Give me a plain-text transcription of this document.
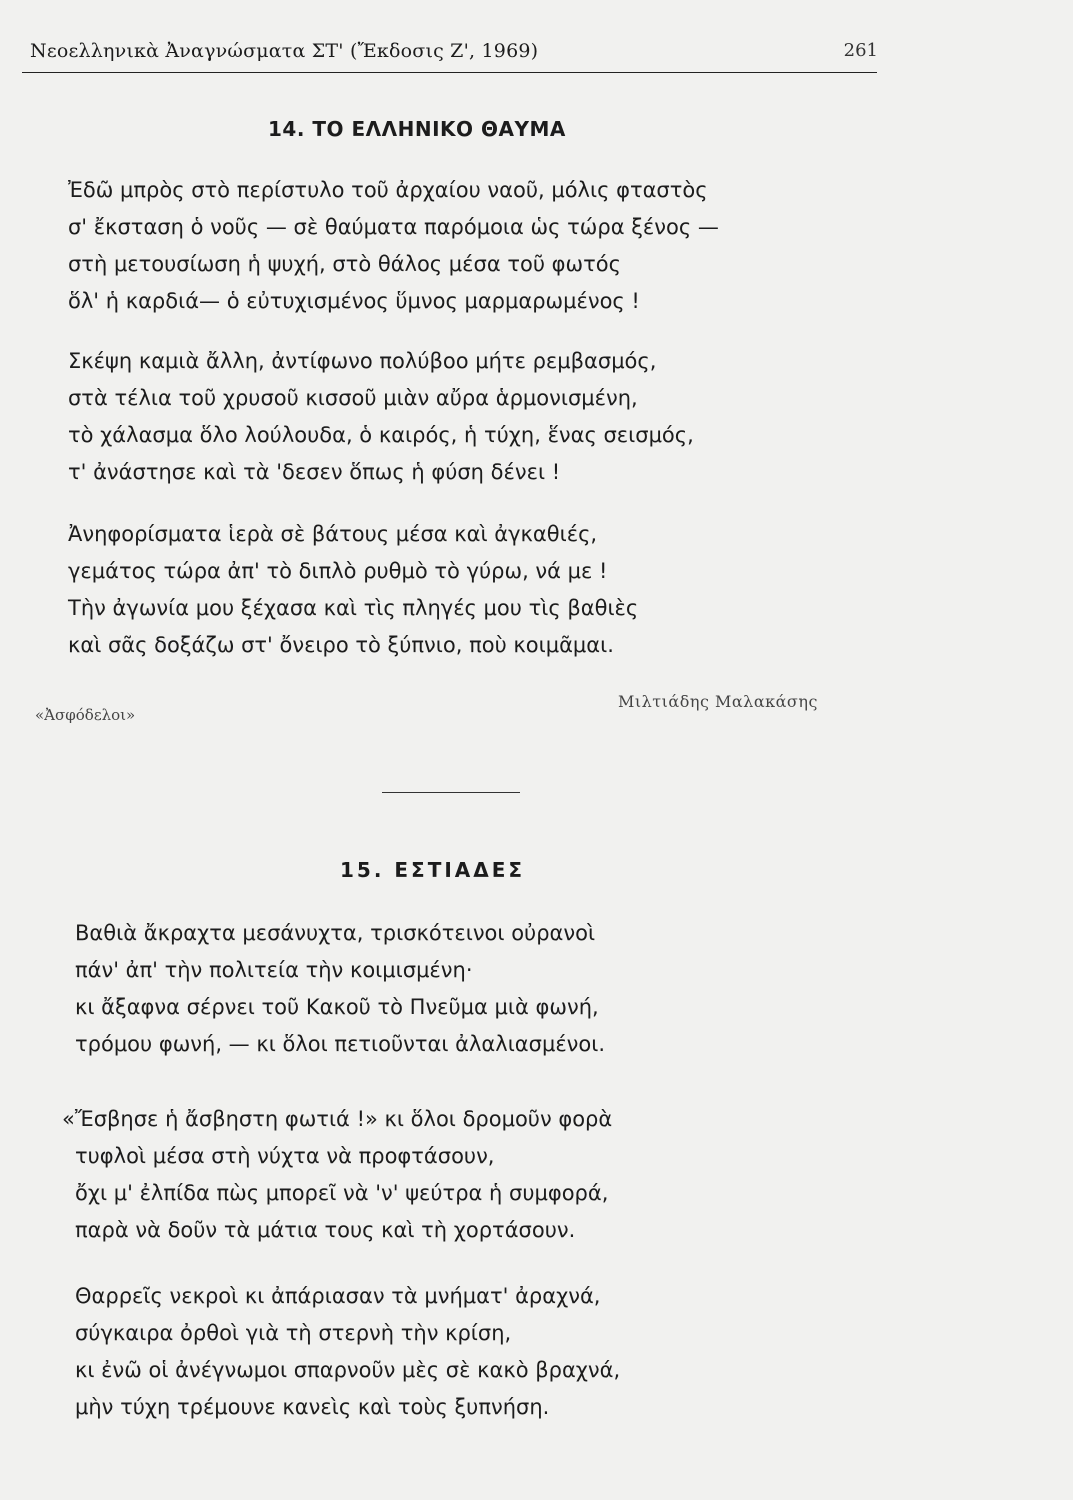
Νεοελληνικὰ Ἀναγνώσματα ΣΤ' (Ἔκδοσις Ζ', 1969)	261
14. ΤΟ ΕΛΛΗΝΙΚΟ ΘΑΥΜΑ
Ἐδῶ μπρὸς στὸ περίστυλο τοῦ ἀρχαίου ναοῦ, μόλις φταστὸς
σ' ἔκσταση ὁ νοῦς — σὲ θαύματα παρόμοια ὡς τώρα ξένος —
στὴ μετουσίωση ἡ ψυχή, στὸ θάλος μέσα τοῦ φωτός
ὅλ' ἡ καρδιά— ὁ εὐτυχισμένος ὕμνος μαρμαρωμένος !
Σκέψη καμιὰ ἄλλη, ἀντίφωνο πολύβοο μήτε ρεμβασμός,
στὰ τέλια τοῦ χρυσοῦ κισσοῦ μιὰν αὔρα ἁρμονισμένη,
τὸ χάλασμα ὅλο λούλουδα, ὁ καιρός, ἡ τύχη, ἕνας σεισμός,
τ' ἀνάστησε καὶ τὰ 'δεσεν ὅπως ἡ φύση δένει !
Ἀνηφορίσματα ἱερὰ σὲ βάτους μέσα καὶ ἀγκαθιές,
γεμάτος τώρα ἀπ' τὸ διπλὸ ρυθμὸ τὸ γύρω, νά με !
Τὴν ἀγωνία μου ξέχασα καὶ τὶς πληγές μου τὶς βαθιὲς
καὶ σᾶς δοξάζω στ' ὄνειρο τὸ ξύπνιο, ποὺ κοιμᾶμαι.
Μιλτιάδης Μαλακάσης
«Ἀσφόδελοι»
15. ΕΣΤΙΑΔΕΣ
Βαθιὰ ἄκραχτα μεσάνυχτα, τρισκότεινοι οὐρανοὶ
πάν' ἀπ' τὴν πολιτεία τὴν κοιμισμένη·
κι ἄξαφνα σέρνει τοῦ Κακοῦ τὸ Πνεῦμα μιὰ φωνή,
τρόμου φωνή, — κι ὅλοι πετιοῦνται ἀλαλιασμένοι.
«Ἔσβησε ἡ ἄσβηστη φωτιά !» κι ὅλοι δρομοῦν φορὰ
τυφλοὶ μέσα στὴ νύχτα νὰ προφτάσουν,
ὄχι μ' ἐλπίδα πὼς μπορεῖ νὰ 'ν' ψεύτρα ἡ συμφορά,
παρὰ νὰ δοῦν τὰ μάτια τους καὶ τὴ χορτάσουν.
Θαρρεῖς νεκροὶ κι ἀπάριασαν τὰ μνήματ' ἀραχνά,
σύγκαιρα ὀρθοὶ γιὰ τὴ στερνὴ τὴν κρίση,
κι ἐνῶ οἱ ἀνέγνωμοι σπαρνοῦν μὲς σὲ κακὸ βραχνά,
μὴν τύχη τρέμουνε κανεὶς καὶ τοὺς ξυπνήση.
